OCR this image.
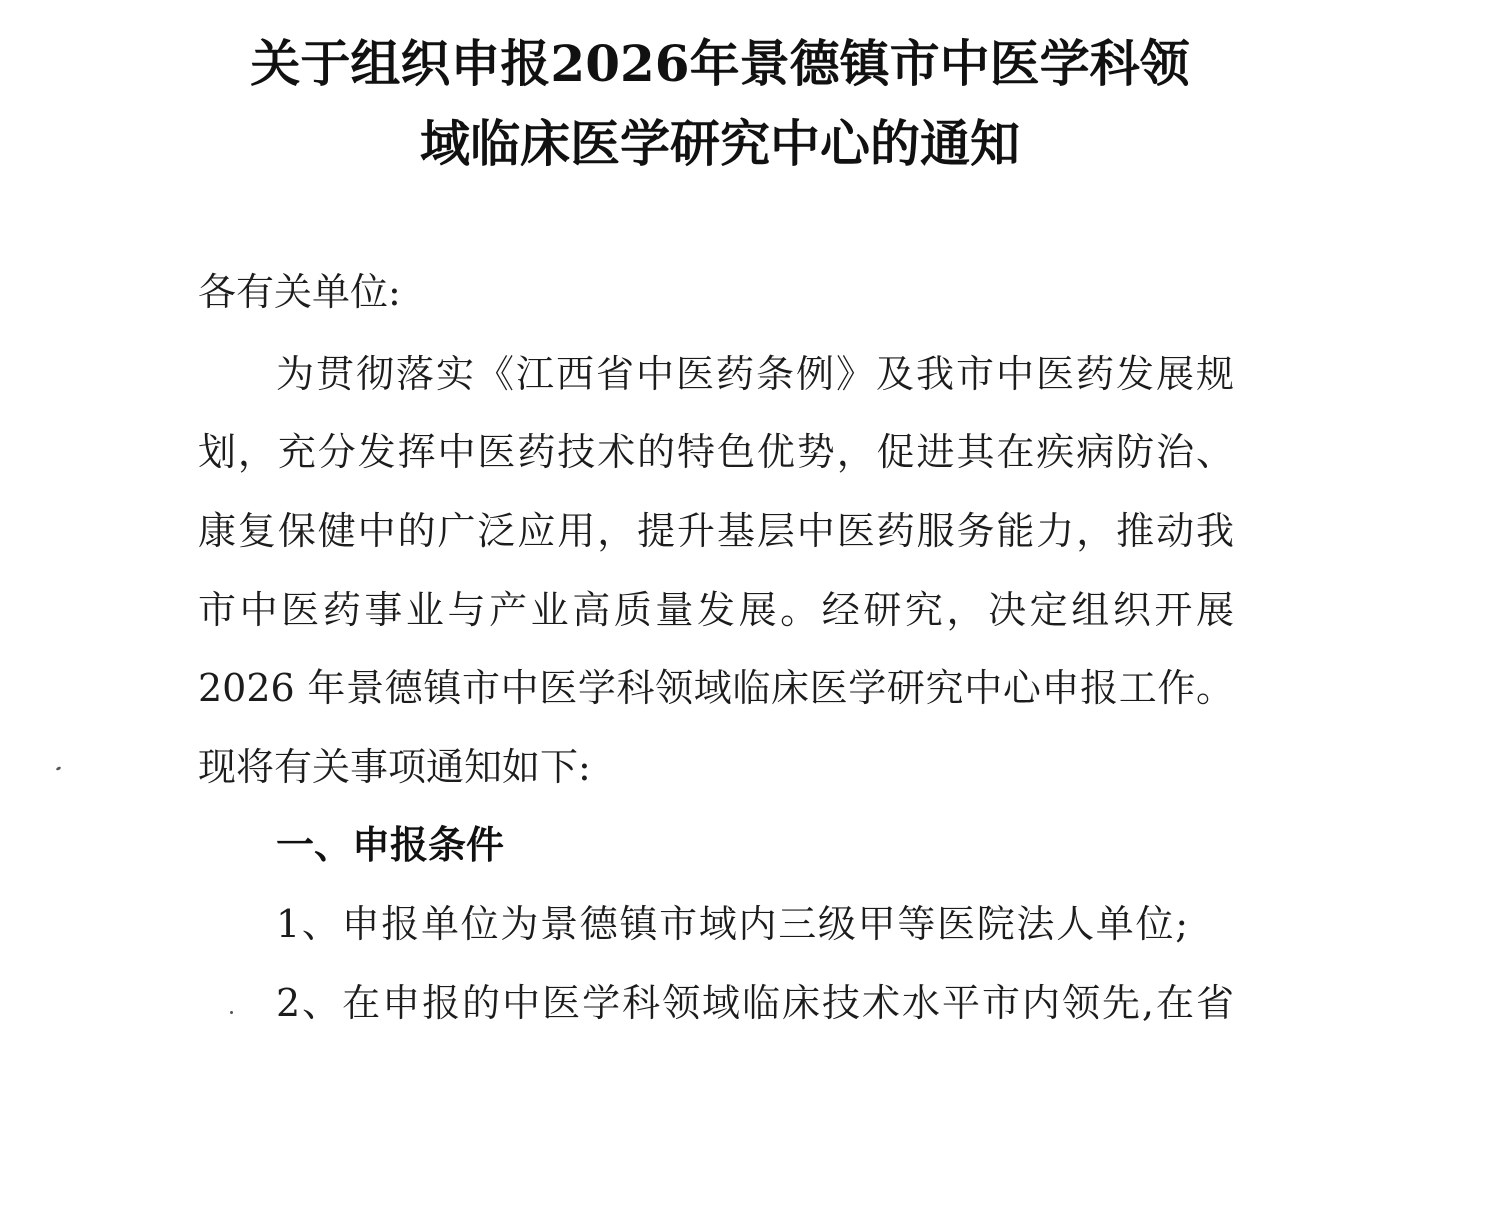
关于组织申报2026年景德镇市中医学科领
域临床医学研究中心的通知
各有关单位:
为贯彻落实《江西省中医药条例》及我市中医药发展规
划，充分发挥中医药技术的特色优势，促进其在疾病防治、
康复保健中的广泛应用，提升基层中医药服务能力，推动我
市中医药事业与产业高质量发展。经研究，决定组织开展
2026 年景德镇市中医学科领域临床医学研究中心申报工作。
现将有关事项通知如下:
一、申报条件
1、申报单位为景德镇市域内三级甲等医院法人单位;
2、在申报的中医学科领域临床技术水平市内领先,在省
